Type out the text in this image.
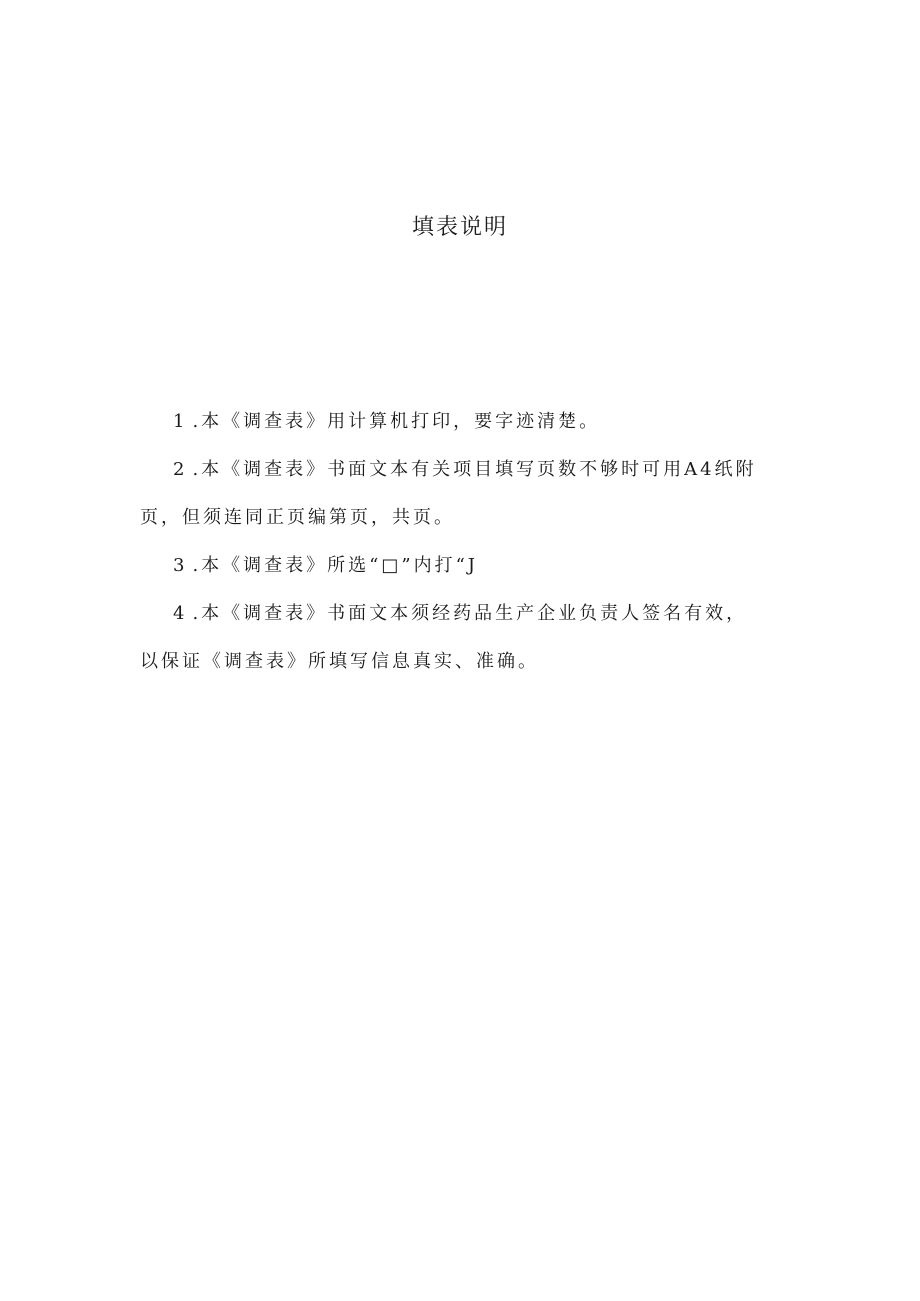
填表说明
1 .本《调查表》用计算机打印，要字迹清楚。
2 .本《调查表》书面文本有关项目填写页数不够时可用A4纸附
页，但须连同正页编第页，共页。
3 .本《调查表》所选“□”内打“J
4 .本《调查表》书面文本须经药品生产企业负责人签名有效，
以保证《调查表》所填写信息真实、准确。
